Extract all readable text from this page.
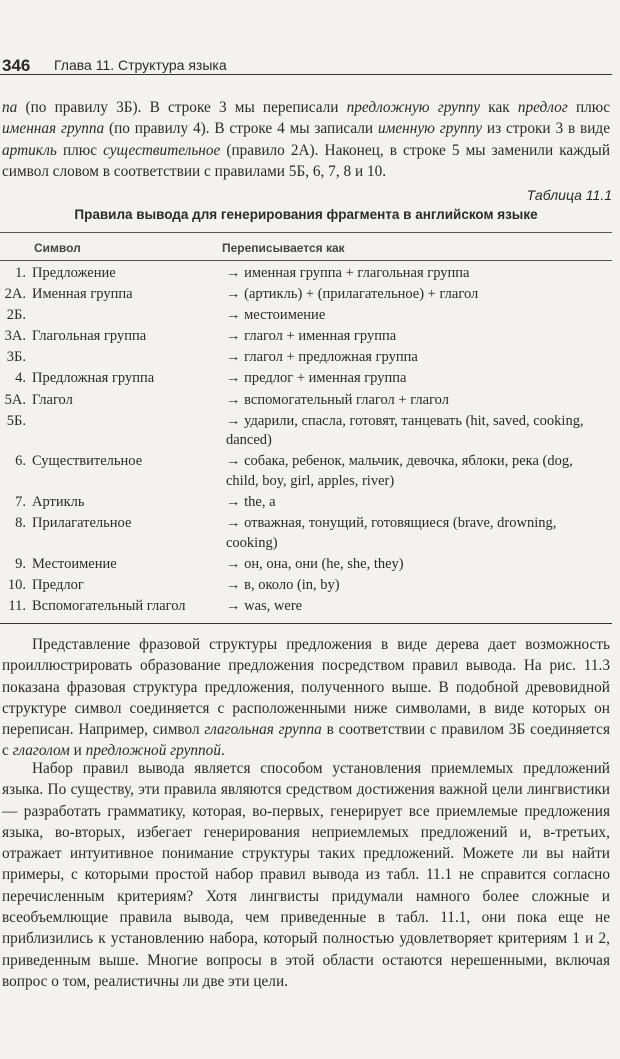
346 Глава 11. Структура языка

па (по правилу 3Б). В строке 3 мы переписали предложную группу как предлог плюс именная группа (по правилу 4). В строке 4 мы записали именную группу из строки 3 в виде артикль плюс существительное (правило 2А). Наконец, в строке 5 мы заменили каждый символ словом в соответствии с правилами 5Б, 6, 7, 8 и 10.

Таблица 11.1
Правила вывода для генерирования фрагмента в английском языке
Символ	Переписывается как
1. Предложение	→ именная группа + глагольная группа
2А. Именная группа	→ (артикль) + (прилагательное) + глагол
2Б.	→ местоимение
3А. Глагольная группа	→ глагол + именная группа
3Б.	→ глагол + предложная группа
4. Предложная группа	→ предлог + именная группа
5А. Глагол	→ вспомогательный глагол + глагол
5Б.	→ ударили, спасла, готовят, танцевать (hit, saved, cooking, danced)
6. Существительное	→ собака, ребенок, мальчик, девочка, яблоки, река (dog, child, boy, girl, apples, river)
7. Артикль	→ the, a
8. Прилагательное	→ отважная, тонущий, готовящиеся (brave, drowning, cooking)
9. Местоимение	→ он, она, они (he, she, they)
10. Предлог	→ в, около (in, by)
11. Вспомогательный глагол	→ was, were

Представление фразовой структуры предложения в виде дерева дает возможность проиллюстрировать образование предложения посредством правил вывода. На рис. 11.3 показана фразовая структура предложения, полученного выше. В подобной древовидной структуре символ соединяется с расположенными ниже символами, в виде которых он переписан. Например, символ глагольная группа в соответствии с правилом 3Б соединяется с глаголом и предложной группой.

Набор правил вывода является способом установления приемлемых предложений языка. По существу, эти правила являются средством достижения важной цели лингвистики — разработать грамматику, которая, во-первых, генерирует все приемлемые предложения языка, во-вторых, избегает генерирования неприемлемых предложений и, в-третьих, отражает интуитивное понимание структуры таких предложений. Можете ли вы найти примеры, с которыми простой набор правил вывода из табл. 11.1 не справится согласно перечисленным критериям? Хотя лингвисты придумали намного более сложные и всеобъемлющие правила вывода, чем приведенные в табл. 11.1, они пока еще не приблизились к установлению набора, который полностью удовлетворяет критериям 1 и 2, приведенным выше. Многие вопросы в этой области остаются нерешенными, включая вопрос о том, реалистичны ли две эти цели.
